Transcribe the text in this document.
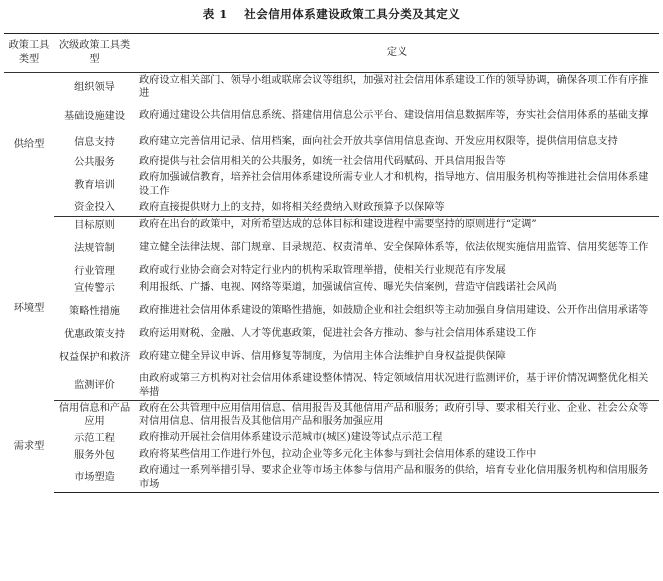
表 1 社会信用体系建设政策工具分类及其定义
政策工具类型	次级政策工具类型	定义
供给型	组织领导	政府设立相关部门、领导小组或联席会议等组织，加强对社会信用体系建设工作的领导协调，确保各项工作有序推进
	基础设施建设	政府通过建设公共信用信息系统、搭建信用信息公示平台、建设信用信息数据库等，夯实社会信用体系的基础支撑
	信息支持	政府建立完善信用记录、信用档案，面向社会开放共享信用信息查询、开发应用权限等，提供信用信息支持
	公共服务	政府提供与社会信用相关的公共服务，如统一社会信用代码赋码、开具信用报告等
	教育培训	政府加强诚信教育，培养社会信用体系建设所需专业人才和机构，指导地方、信用服务机构等推进社会信用体系建设工作
	资金投入	政府直接提供财力上的支持，如将相关经费纳入财政预算予以保障等
环境型	目标原则	政府在出台的政策中，对所希望达成的总体目标和建设进程中需要坚持的原则进行“定调”
	法规管制	建立健全法律法规、部门规章、目录规范、权责清单、安全保障体系等，依法依规实施信用监管、信用奖惩等工作
	行业管理	政府或行业协会商会对特定行业内的机构采取管理举措，使相关行业规范有序发展
	宣传警示	利用报纸、广播、电视、网络等渠道，加强诚信宣传、曝光失信案例，营造守信践诺社会风尚
	策略性措施	政府推进社会信用体系建设的策略性措施，如鼓励企业和社会组织等主动加强自身信用建设、公开作出信用承诺等
	优惠政策支持	政府运用财税、金融、人才等优惠政策，促进社会各方推动、参与社会信用体系建设工作
	权益保护和救济	政府建立健全异议申诉、信用修复等制度，为信用主体合法维护自身权益提供保障
	监测评价	由政府或第三方机构对社会信用体系建设整体情况、特定领域信用状况进行监测评价，基于评价情况调整优化相关举措
需求型	信用信息和产品应用	政府在公共管理中应用信用信息、信用报告及其他信用产品和服务；政府引导、要求相关行业、企业、社会公众等对信用信息、信用报告及其他信用产品和服务加强应用
	示范工程	政府推动开展社会信用体系建设示范城市(城区)建设等试点示范工程
	服务外包	政府将某些信用工作进行外包，拉动企业等多元化主体参与到社会信用体系的建设工作中
	市场塑造	政府通过一系列举措引导、要求企业等市场主体参与信用产品和服务的供给，培育专业化信用服务机构和信用服务市场
